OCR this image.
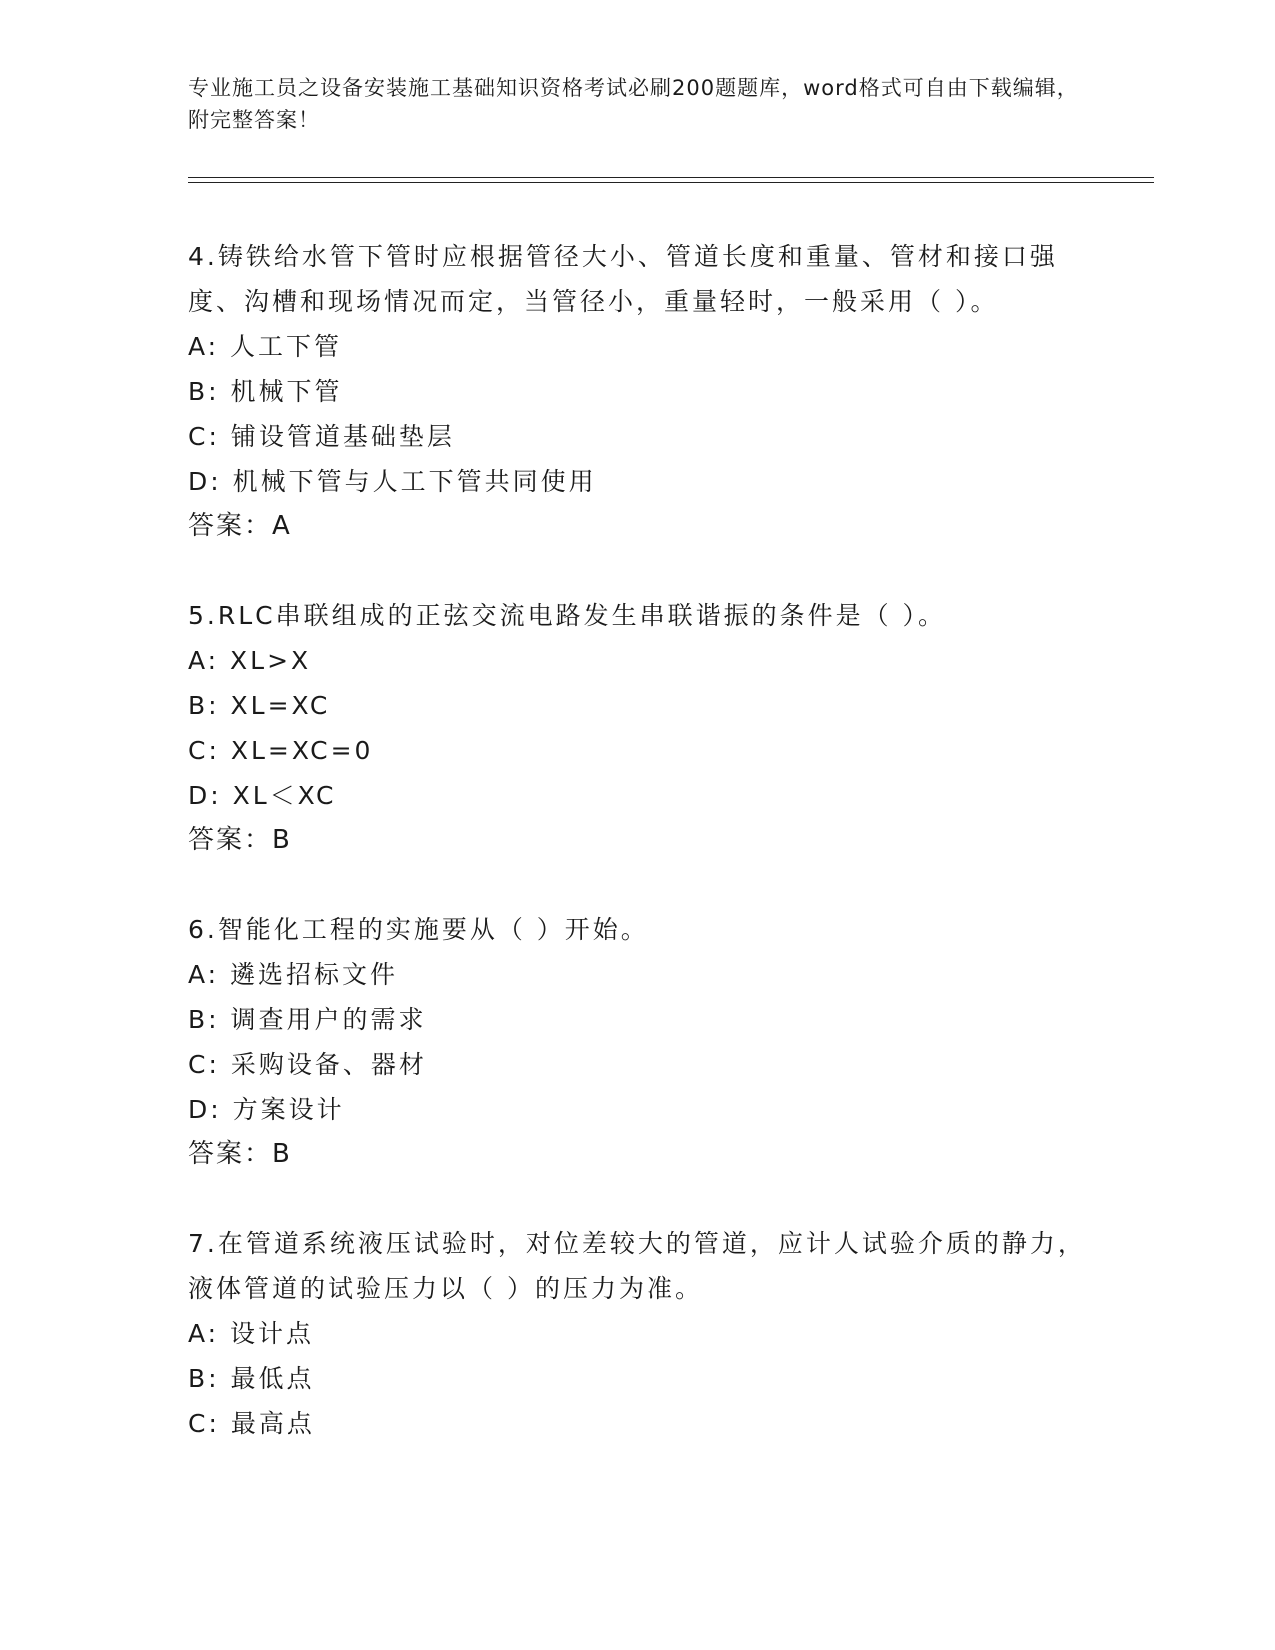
专业施工员之设备安装施工基础知识资格考试必刷200题题库，word格式可自由下载编辑，附完整答案！
4.铸铁给水管下管时应根据管径大小、管道长度和重量、管材和接口强度、沟槽和现场情况而定，当管径小，重量轻时，一般采用（ ）。
A: 人工下管
B: 机械下管
C: 铺设管道基础垫层
D: 机械下管与人工下管共同使用
答案：A
5.RLC串联组成的正弦交流电路发生串联谐振的条件是（ ）。
A: XL>X
B: XL=XC
C: XL=XC=0
D: XL＜XC
答案：B
6.智能化工程的实施要从（ ）开始。
A: 遴选招标文件
B: 调查用户的需求
C: 采购设备、器材
D: 方案设计
答案：B
7.在管道系统液压试验时，对位差较大的管道，应计人试验介质的静力，液体管道的试验压力以（ ）的压力为准。
A: 设计点
B: 最低点
C: 最高点
